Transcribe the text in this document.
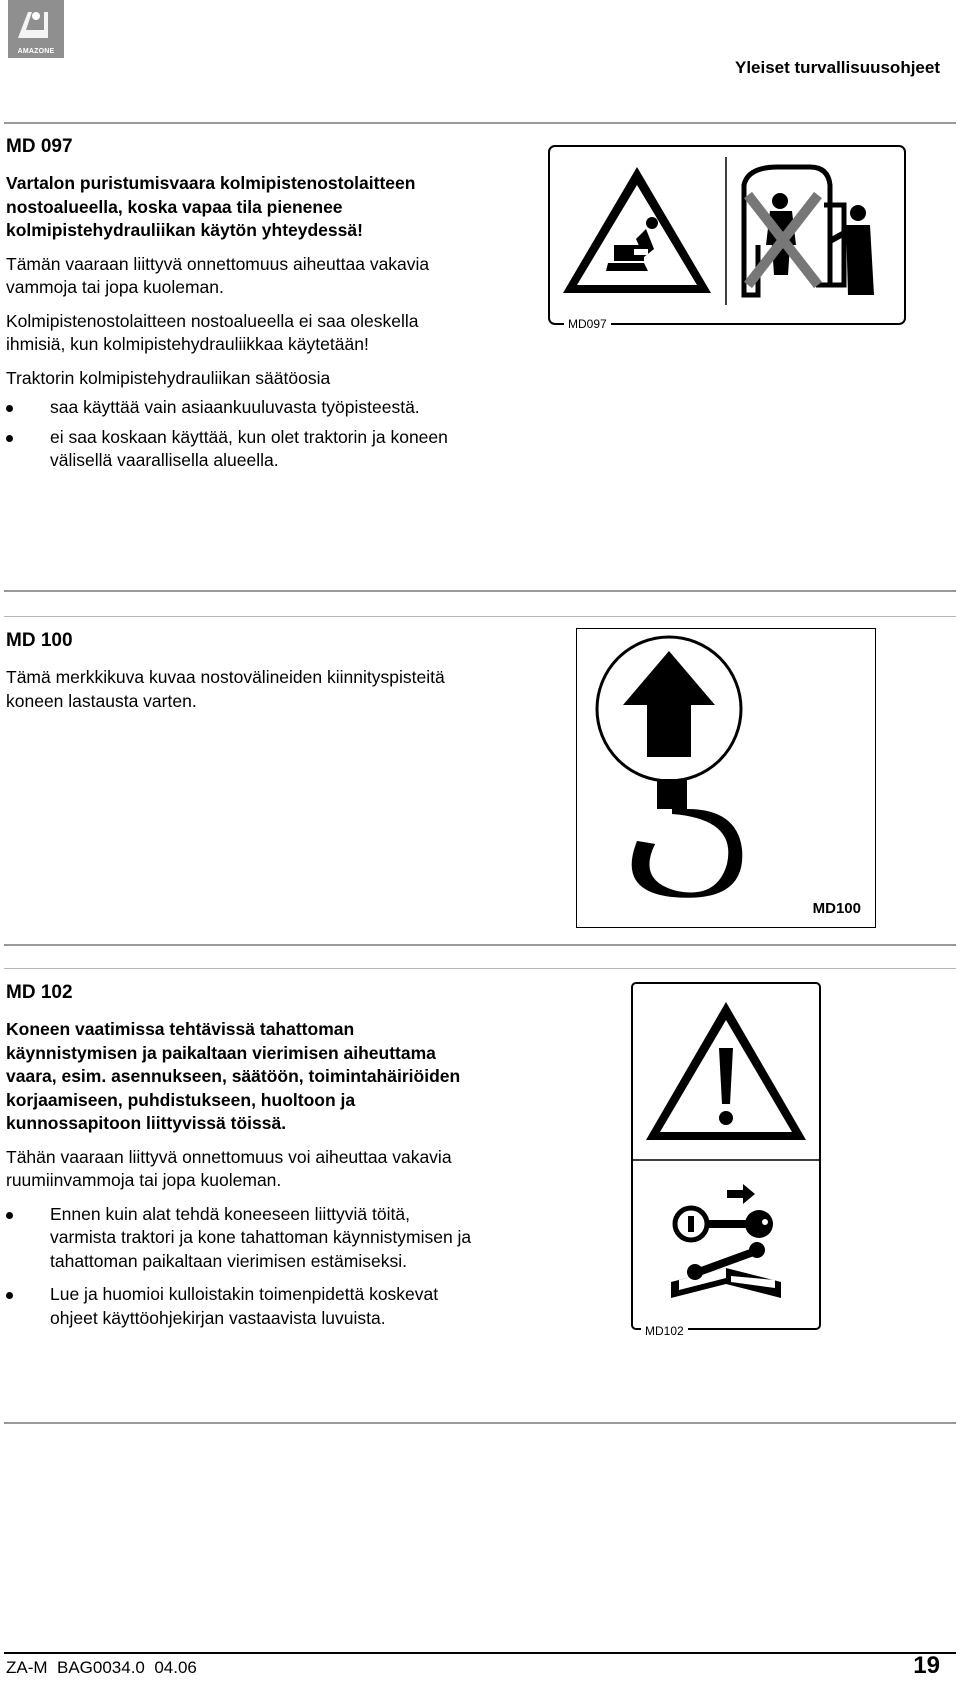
AMAZONE
Yleiset turvallisuusohjeet

MD 097

Vartalon puristumisvaara kolmipistenostolaitteen nostoalueella, koska vapaa tila pienenee kolmipistehydrauliikan käytön yhteydessä!

Tämän vaaraan liittyvä onnettomuus aiheuttaa vakavia vammoja tai jopa kuoleman.

Kolmipistenostolaitteen nostoalueella ei saa oleskella ihmisiä, kun kolmipistehydrauliikkaa käytetään!

Traktorin kolmipistehydrauliikan säätöosia

saa käyttää vain asiaankuuluvasta työpisteestä.
ei saa koskaan käyttää, kun olet traktorin ja koneen välisellä vaarallisella alueella.
MD097

MD 100

Tämä merkkikuva kuvaa nostovälineiden kiinnityspisteitä koneen lastausta varten.

MD100

MD 102

Koneen vaatimissa tehtävissä tahattoman käynnistymisen ja paikaltaan vierimisen aiheuttama vaara, esim. asennukseen, säätöön, toimintahäiriöiden korjaamiseen, puhdistukseen, huoltoon ja kunnossapitoon liittyvissä töissä.

Tähän vaaraan liittyvä onnettomuus voi aiheuttaa vakavia ruumiinvammoja tai jopa kuoleman.

Ennen kuin alat tehdä koneeseen liittyviä töitä, varmista traktori ja kone tahattoman käynnistymisen ja tahattoman paikaltaan vierimisen estämiseksi.
Lue ja huomioi kulloistakin toimenpidettä koskevat ohjeet käyttöohjekirjan vastaavista luvuista.
MD102
ZA-M  BAG0034.0  04.06	19
